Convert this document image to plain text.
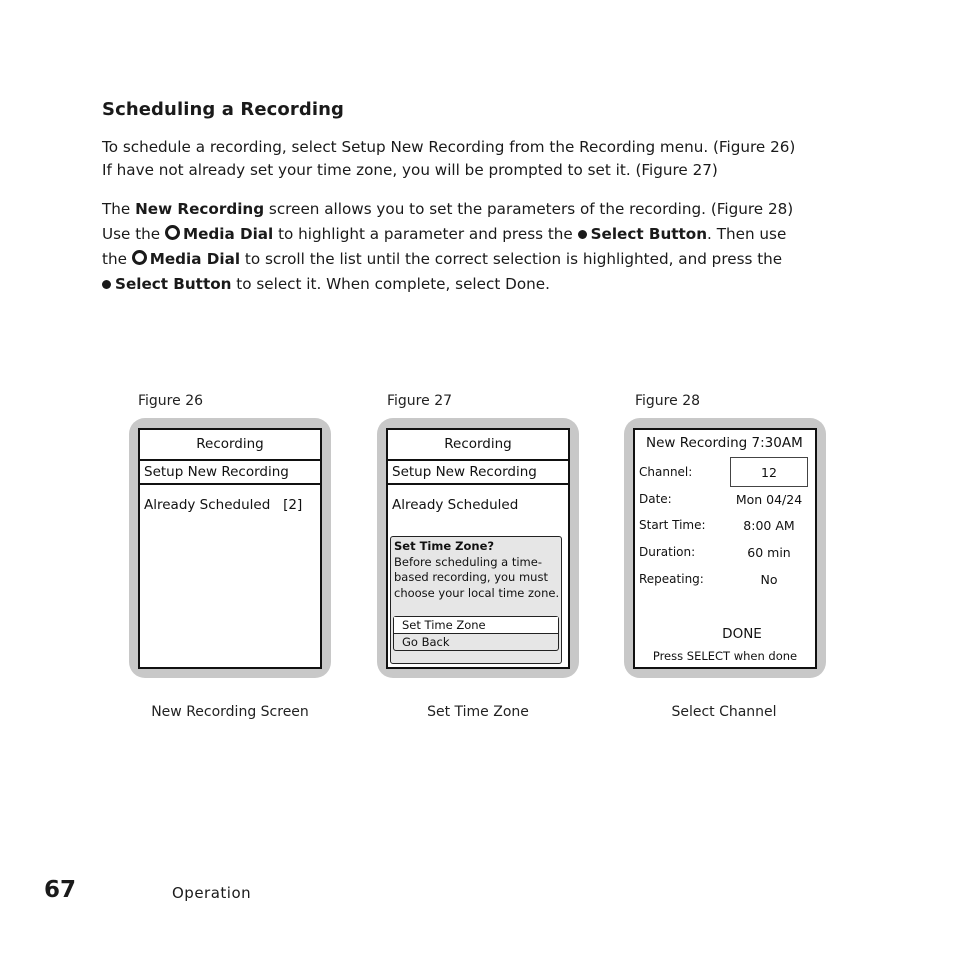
Scheduling a Recording

To schedule a recording, select Setup New Recording from the Recording menu. (Figure 26)
If have not already set your time zone, you will be prompted to set it. (Figure 27)

The New Recording screen allows you to set the parameters of the recording. (Figure 28)
Use the Media Dial to highlight a parameter and press the Select Button. Then use
the Media Dial to scroll the list until the correct selection is highlighted, and press the
Select Button to select it. When complete, select Done.

Figure 26
Recording
Setup New Recording
Already Scheduled   [2]
New Recording Screen
Figure 27
Recording
Setup New Recording
Already Scheduled
Set Time Zone?
Before scheduling a time-
based recording, you must
choose your local time zone.
Set Time Zone
Go Back
Set Time Zone
Figure 28
New Recording 7:30AM
Channel:	12
Date:	Mon 04/24
Start Time:	8:00 AM
Duration:	60 min
Repeating:	No
DONE
Press SELECT when done
Select Channel
67	Operation
